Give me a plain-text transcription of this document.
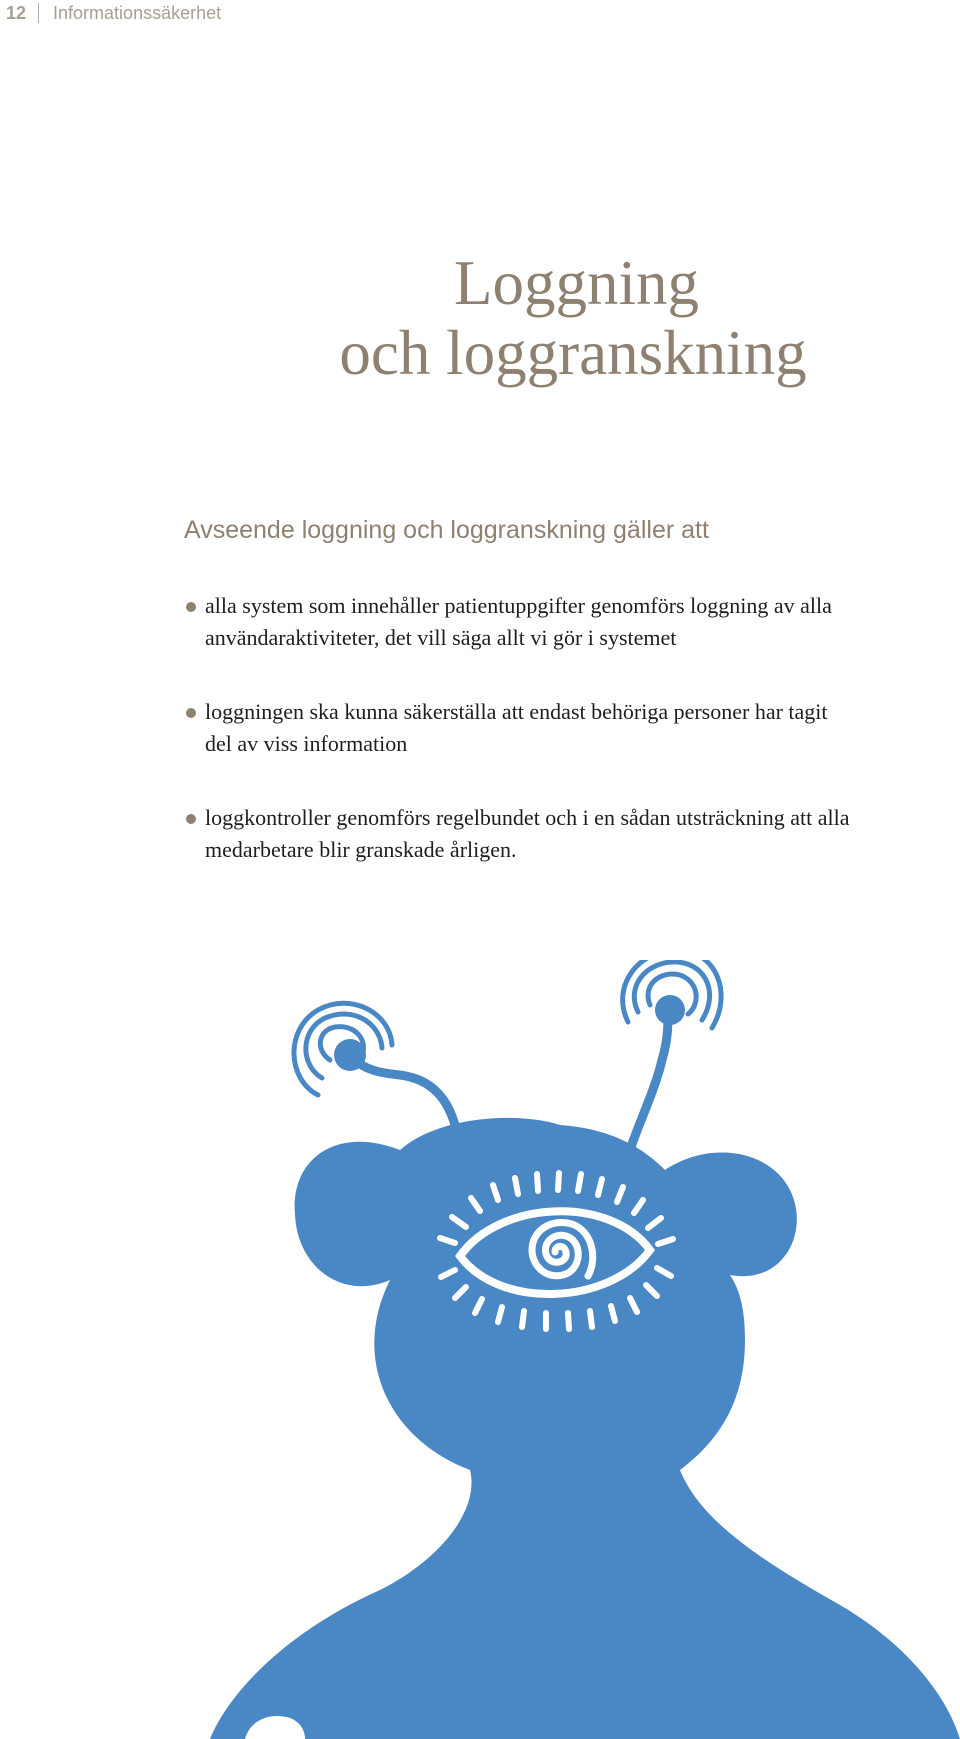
12 Informationssäkerhet
Loggning
och loggranskning
Avseende loggning och loggranskning gäller att
alla system som innehåller patientuppgifter genomförs loggning av alla
användaraktiviteter, det vill säga allt vi gör i systemet
loggningen ska kunna säkerställa att endast behöriga personer har tagit
del av viss information
loggkontroller genomförs regelbundet och i en sådan utsträckning att alla
medarbetare blir granskade årligen.
